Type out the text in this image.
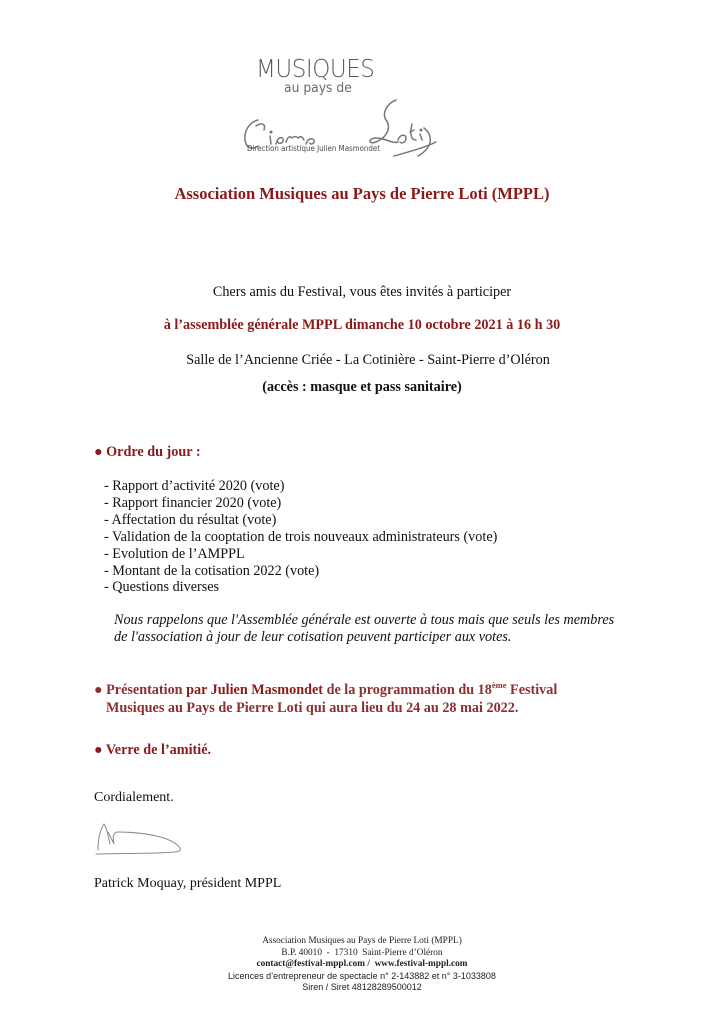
MUSIQUES
au pays de
Direction artistique Julien Masmondet
Association Musiques au Pays de Pierre Loti (MPPL)
Chers amis du Festival, vous êtes invités à participer
à l’assemblée générale MPPL dimanche 10 octobre 2021 à 16 h 30
Salle de l’Ancienne Criée - La Cotinière - Saint-Pierre d’Oléron
(accès : masque et pass sanitaire)
● Ordre du jour :
- Rapport d’activité 2020 (vote)
- Rapport financier 2020 (vote)
- Affectation du résultat (vote)
- Validation de la cooptation de trois nouveaux administrateurs (vote)
- Evolution de l’AMPPL
- Montant de la cotisation 2022 (vote)
- Questions diverses
Nous rappelons que l'Assemblée générale est ouverte à tous mais que seuls les membres
de l'association à jour de leur cotisation peuvent participer aux votes.
● Présentation par Julien Masmondet de la programmation du 18ème Festival
Musiques au Pays de Pierre Loti qui aura lieu du 24 au 28 mai 2022.
● Verre de l’amitié.
Cordialement.
Patrick Moquay, président MPPL
Association Musiques au Pays de Pierre Loti (MPPL)
B.P. 40010  -  17310  Saint-Pierre d’Oléron
contact@festival-mppl.com /  www.festival-mppl.com
Licences d’entrepreneur de spectacle n° 2-143882 et n° 3-1033808
Siren / Siret 48128289500012
